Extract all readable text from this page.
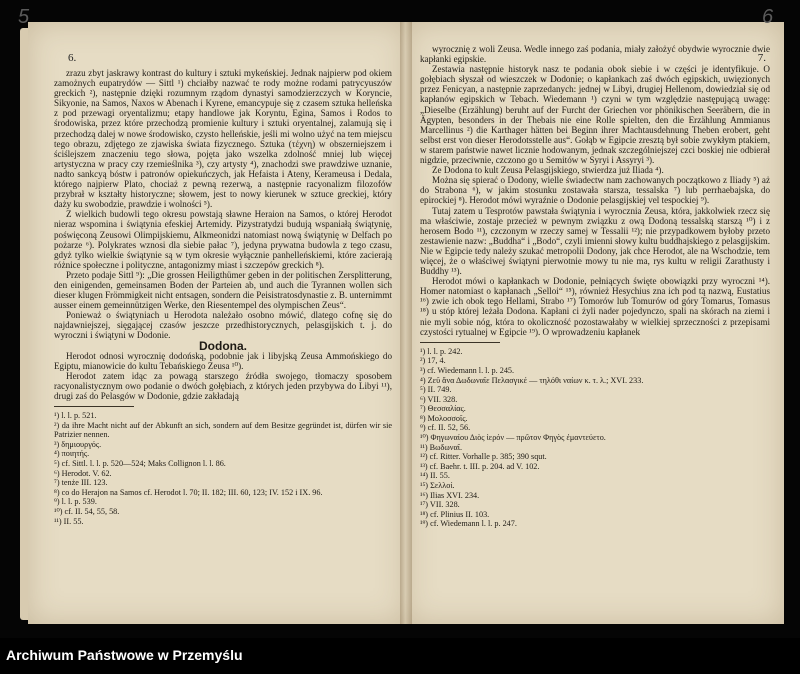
6.

zrazu zbyt jaskrawy kontrast do kultury i sztuki mykeńskiej. Jednak najpierw pod okiem zamożnych eupatrydów — Sittl ¹) chciałby nazwać te rody możne rodami patrycyuszów greckich ²), następnie dzięki rozumnym rządom dynastyi samodzierzczych w Koryncie, Sikyonie, na Samos, Naxos w Abenach i Kyrene, emancypuje się z czasem sztuka helleńska z pod przewagi oryentalizmu; etapy handlowe jak Koryntu, Egina, Samos i Rodos to środowiska, przez które przechodzą promienie kultury i sztuki oryentalnej, zalamują się i przechodzą dalej w nowe środowisko, czysto helleńskie, jeśli mi wolno użyć na tem miejscu tego obrazu, zdjętego ze zjawiska świata fizycznego. Sztuka (τέχνη) w obszerniejszem i ściślejszem znaczeniu tego słowa, pojęta jako wszelka zdolność mniej lub więcej artystyczna w pracy czy rzemieślnika ³), czy artysty ⁴), znachodzi swe prawdziwe uznanie, nadto sankcyą bóstw i patronów opiekuńczych, jak Hefaista i Ateny, Kerameusa i Dedala, którego najpierw Plato, chociaż z pewną rezerwą, a następnie racyonalizm filozofów przybrał w kształty historyczne; słowem, jest to nowy kierunek w sztuce greckiej, który daży ku swobodzie, prawdzie i wolności ⁵).

Z wielkich budowli tego okresu powstają sławne Heraion na Samos, o której Herodot nieraz wspomina i świątynia efeskiej Artemidy. Pizystratydzi budują wspaniałą świątynię, poświęconą Zeusowi Olimpijskiemu, Alkmeonidzi natomiast nową świątynię w Delfach po pożarze ⁶). Polykrates wznosi dla siebie pałac ⁷), jedyna prywatna budowla z tego czasu, gdyż tylko wielkie świątynie są w tym okresie wyłącznie panhelleńskiemi, które zacierają różnice społeczne i polityczne, antagonizmy miast i szczepów greckich ⁸).

Przeto podaje Sittl ⁹): „Die grossen Heiligthümer geben in der politischen Zersplitterung, den einigenden, gemeinsamen Boden der Parteien ab, und auch die Tyrannen wollen sich dieser klugen Frömmigkeit nicht entsagen, sondern die Peisistratosdynastie z. B. unternimmt ausser einem gemeinnützigen Werke, den Riesentempel des olympischen Zeus“.

Ponieważ o świątyniach u Herodota należało osobno mówić, dlatego cofnę się do najdawniejszej, sięgającej czasów jeszcze przedhistorycznych, pelasgijskich t. j. do wyroczni i świątyni w Dodonie.

Dodona.

Herodot odnosi wyrocznię dodońską, podobnie jak i libyjską Zeusa Ammońskiego do Egiptu, mianowicie do kultu Tebańskiego Zeusa ¹⁰).

Herodot zatem idąc za powagą starszego źródła swojego, tłomaczy sposobem racyonalistycznym owo podanie o dwóch gołębiach, z których jeden przybywa do Libyi ¹¹), drugi zaś do Pelasgów w Dodonie, gdzie zakładają

¹) l. l. p. 521.
²) da ihre Macht nicht auf der Abkunft an sich, sondern auf dem Besitze gegründet ist, dürfen wir sie Patrizier nennen.
³) δημιουργός.
⁴) ποιητής.
⁵) cf. Sittl. l. l. p. 520—524; Maks Collignon l. l. 86.
⁶) Herodot. V. 62.
⁷) tenże III. 123.
⁸) co do Herajon na Samos cf. Herodot l. 70; II. 182; III. 60, 123; IV. 152 i IX. 96.
⁹) l. l. p. 539.
¹⁰) cf. II. 54, 55, 58.
¹¹) II. 55.
7.

wyrocznię z woli Zeusa. Wedle innego zaś podania, miały założyć obydwie wyrocznie dwie kapłanki egipskie.

Zestawia następnie historyk nasz te podania obok siebie i w części je identyfikuje. O gołębiach słyszał od wieszczek w Dodonie; o kapłankach zaś dwóch egipskich, uwięzionych przez Fenicyan, a następnie zaprzedanych: jednej w Libyi, drugiej Hellenom, dowiedział się od kapłanów egipskich w Tebach. Wiedemann ¹) czyni w tym względzie następującą uwagę: „Dieselbe (Erzählung) beruht auf der Furcht der Griechen vor phönikischen Seeräbern, die in Ägypten, besonders in der Thebais nie eine Rolle spielten, den die Erzählung Ammianus Marcellinus ²) die Karthager hätten bei Beginn ihrer Machtausdehnung Theben erobert, geht selbst erst von dieser Herodotsstelle aus“. Gołąb w Egipcie zresztą był sobie zwykłym ptakiem, w starem państwie nawet licznie hodowanym, jednak szczególniejszej czci boskiej nie odbierał nigdzie, przeciwnie, czczono go u Semitów w Syryi i Assyryi ³).

Ze Dodona to kult Zeusa Pelasgijskiego, stwierdza już Iliada ⁴).

Można się spierać o Dodony, wielle świadectw nam zachowanych początkowo z Iliady ⁵) aż do Strabona ⁶), w jakim stosunku zostawała starsza, tessalska ⁷) lub perrhaebajska, do epirockiej ⁸). Herodot mówi wyraźnie o Dodonie pelasgijskiej vel tespockiej ⁹).

Tutaj zatem u Tesprotów pawstała świątynia i wyrocznia Zeusa, która, jakkolwiek rzecz się ma właściwie, zostaje przecież w pewnym związku z ową Dodoną tessalską starszą ¹⁰) i z herosem Bodo ¹¹), czczonym w rzeczy samej w Tessalii ¹²); nie przypadkowem byłoby przeto zestawienie nazw: „Buddha“ i „Bodo“, czyli imienni słowy kultu buddhajskiego z pelasgijskim. Nie w Egipcie tedy należy szukać metropolii Dodony, jak chce Herodot, ale na Wschodzie, tem więcej, że o właściwej świątyni pierwotnie mowy tu nie ma, rys kultu w religii Zarathusty i Buddhy ¹³).

Herodot mówi o kapłankach w Dodonie, pełniących święte obowiązki przy wyroczni ¹⁴). Homer natomiast o kapłanach „Selloi“ ¹⁵), również Hesychius zna ich pod tą nazwą, Eustatius ¹⁶) zwie ich obok tego Hellami, Strabo ¹⁷) Tomorów lub Tomurów od góry Tomarus, Tomasus ¹⁸) u stóp której leżała Dodona. Kapłani ci żyli nader pojedynczo, spali na skórach na ziemi i nie myli sobie nóg, która to okoliczność pozostawałaby w wielkiej sprzeczności z przepisami czystości rytualnej w Egipcie ¹⁹). O wprowadzeniu kapłanek

¹) l. l. p. 242.
²) 17, 4.
³) cf. Wiedemann l. l. p. 245.
⁴) Ζεῦ ἄνα Δωδωναῖε Πελασγικέ — τηλόθι ναίων κ. τ. λ.; XVI. 233.
⁵) II. 749.
⁶) VII. 328.
⁷) Θεσσαλίας.
⁸) Μολοσσοῖς.
⁹) cf. II. 52, 56.
¹⁰) Φηγωναίου Διὸς ἱερόν — πρῶτον Φηγὸς ἐμαντεύετο.
¹¹) Βωδωναῖ.
¹²) cf. Ritter. Vorhalle p. 385; 390 squt.
¹³) cf. Baehr. t. III. p. 204. ad V. 102.
¹⁴) II. 55.
¹⁵) Σελλοί.
¹⁶) Ilias XVI. 234.
¹⁷) VII. 328.
¹⁸) cf. Plinius II. 103.
¹⁹) cf. Wiedemann l. l. p. 247.
5	6
Archiwum Państwowe w Przemyślu
